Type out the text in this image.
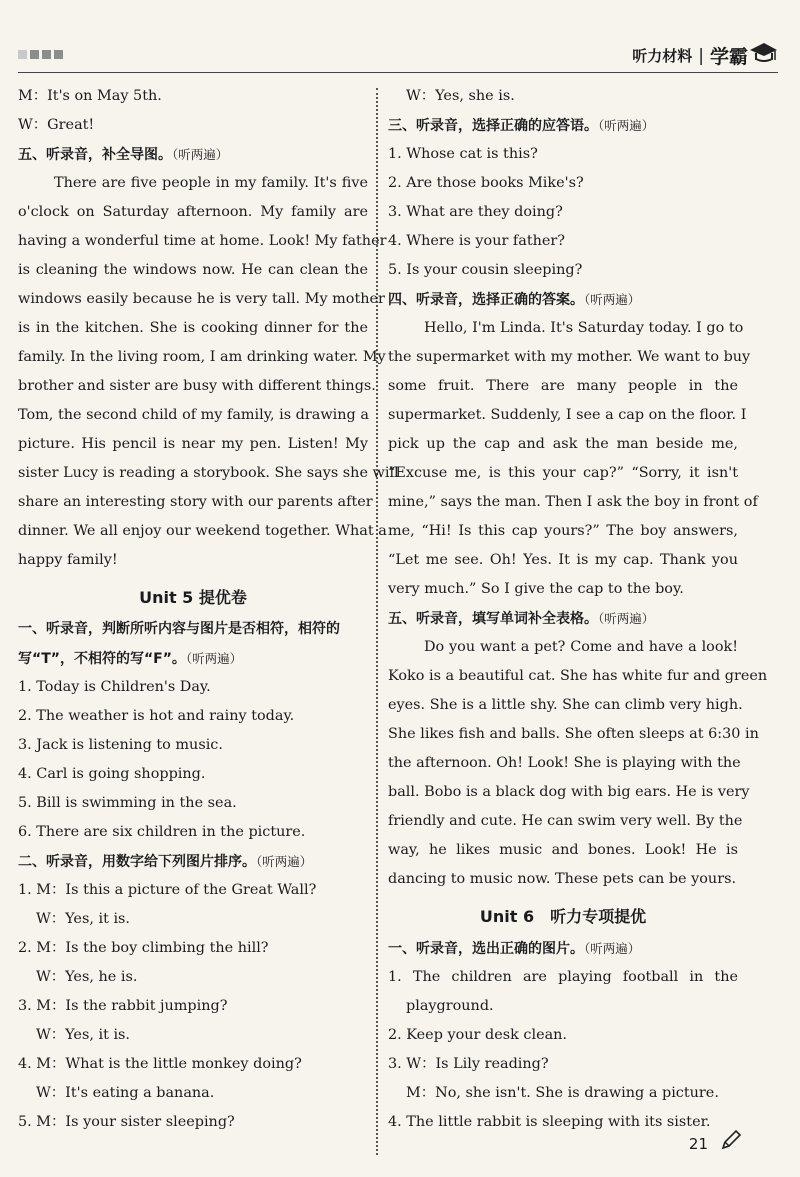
听力材料 | 学霸
M：It's on May 5th.
W：Great!
五、听录音，补全导图。（听两遍）
There are five people in my family. It's five
o'clock on Saturday afternoon. My family are
having a wonderful time at home. Look! My father
is cleaning the windows now. He can clean the
windows easily because he is very tall. My mother
is in the kitchen. She is cooking dinner for the
family. In the living room, I am drinking water. My
brother and sister are busy with different things.
Tom, the second child of my family, is drawing a
picture. His pencil is near my pen. Listen! My
sister Lucy is reading a storybook. She says she will
share an interesting story with our parents after
dinner. We all enjoy our weekend together. What a
happy family!
Unit 5 提优卷
一、听录音，判断所听内容与图片是否相符，相符的
写“T”，不相符的写“F”。（听两遍）
1. Today is Children's Day.
2. The weather is hot and rainy today.
3. Jack is listening to music.
4. Carl is going shopping.
5. Bill is swimming in the sea.
6. There are six children in the picture.
二、听录音，用数字给下列图片排序。（听两遍）
1. M：Is this a picture of the Great Wall?
W：Yes, it is.
2. M：Is the boy climbing the hill?
W：Yes, he is.
3. M：Is the rabbit jumping?
W：Yes, it is.
4. M：What is the little monkey doing?
W：It's eating a banana.
5. M：Is your sister sleeping?
W：Yes, she is.
三、听录音，选择正确的应答语。（听两遍）
1. Whose cat is this?
2. Are those books Mike's?
3. What are they doing?
4. Where is your father?
5. Is your cousin sleeping?
四、听录音，选择正确的答案。（听两遍）
Hello, I'm Linda. It's Saturday today. I go to
the supermarket with my mother. We want to buy
some fruit. There are many people in the
supermarket. Suddenly, I see a cap on the floor. I
pick up the cap and ask the man beside me,
“Excuse me, is this your cap?” “Sorry, it isn't
mine,” says the man. Then I ask the boy in front of
me, “Hi! Is this cap yours?” The boy answers,
“Let me see. Oh! Yes. It is my cap. Thank you
very much.” So I give the cap to the boy.
五、听录音，填写单词补全表格。（听两遍）
Do you want a pet? Come and have a look!
Koko is a beautiful cat. She has white fur and green
eyes. She is a little shy. She can climb very high.
She likes fish and balls. She often sleeps at 6:30 in
the afternoon. Oh! Look! She is playing with the
ball. Bobo is a black dog with big ears. He is very
friendly and cute. He can swim very well. By the
way, he likes music and bones. Look! He is
dancing to music now. These pets can be yours.
Unit 6　听力专项提优
一、听录音，选出正确的图片。（听两遍）
1. The children are playing football in the
playground.
2. Keep your desk clean.
3. W：Is Lily reading?
M：No, she isn't. She is drawing a picture.
4. The little rabbit is sleeping with its sister.
21
